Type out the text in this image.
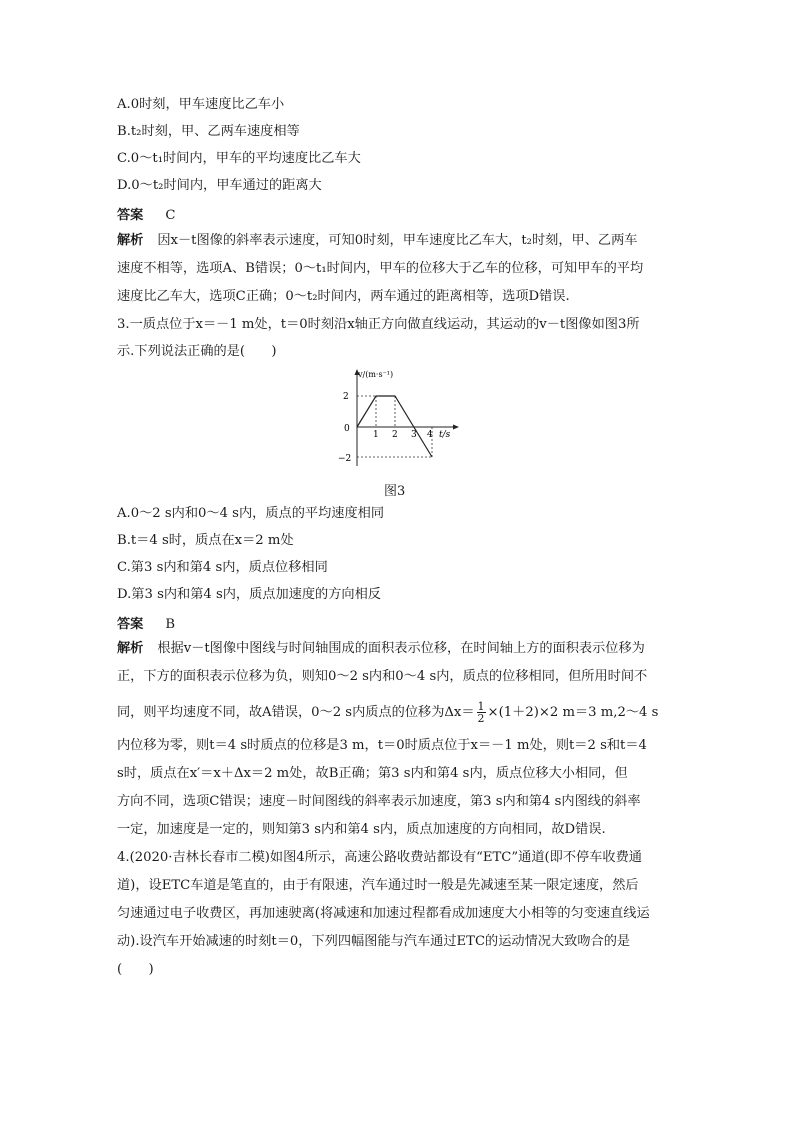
A.0时刻，甲车速度比乙车小
B.t₂时刻，甲、乙两车速度相等
C.0～t₁时间内，甲车的平均速度比乙车大
D.0～t₂时间内，甲车通过的距离大
答案 C
解析 因x－t图像的斜率表示速度，可知0时刻，甲车速度比乙车大，t₂时刻，甲、乙两车
速度不相等，选项A、B错误；0～t₁时间内，甲车的位移大于乙车的位移，可知甲车的平均
速度比乙车大，选项C正确；0～t₂时间内，两车通过的距离相等，选项D错误.
3.一质点位于x＝－1 m处，t＝0时刻沿x轴正方向做直线运动，其运动的v－t图像如图3所
示.下列说法正确的是(　　)
v/(m·s⁻¹)
2
0
−2
1 2 3 4 t/s
图3
A.0～2 s内和0～4 s内，质点的平均速度相同
B.t＝4 s时，质点在x＝2 m处
C.第3 s内和第4 s内，质点位移相同
D.第3 s内和第4 s内，质点加速度的方向相反
答案 B
解析 根据v－t图像中图线与时间轴围成的面积表示位移，在时间轴上方的面积表示位移为
正，下方的面积表示位移为负，则知0～2 s内和0～4 s内，质点的位移相同，但所用时间不
同，则平均速度不同，故A错误，0～2 s内质点的位移为$\Delta x= \frac{1}{2} \times(1+2)\times 2$ m＝3 m,2～4 s
内位移为零，则t＝4 s时质点的位移是3 m，t＝0时质点位于x＝－1 m处，则t＝2 s和t＝4
s时，质点在x′＝x＋Δx＝2 m处，故B正确；第3 s内和第4 s内，质点位移大小相同，但
方向不同，选项C错误；速度－时间图线的斜率表示加速度，第3 s内和第4 s内图线的斜率
一定，加速度是一定的，则知第3 s内和第4 s内，质点加速度的方向相同，故D错误.
4.(2020·吉林长春市二模)如图4所示，高速公路收费站都设有“ETC”通道(即不停车收费通
道)，设ETC车道是笔直的，由于有限速，汽车通过时一般是先减速至某一限定速度，然后
匀速通过电子收费区，再加速驶离(将减速和加速过程都看成加速度大小相等的匀变速直线运
动).设汽车开始减速的时刻t＝0，下列四幅图能与汽车通过ETC的运动情况大致吻合的是
(　　)
